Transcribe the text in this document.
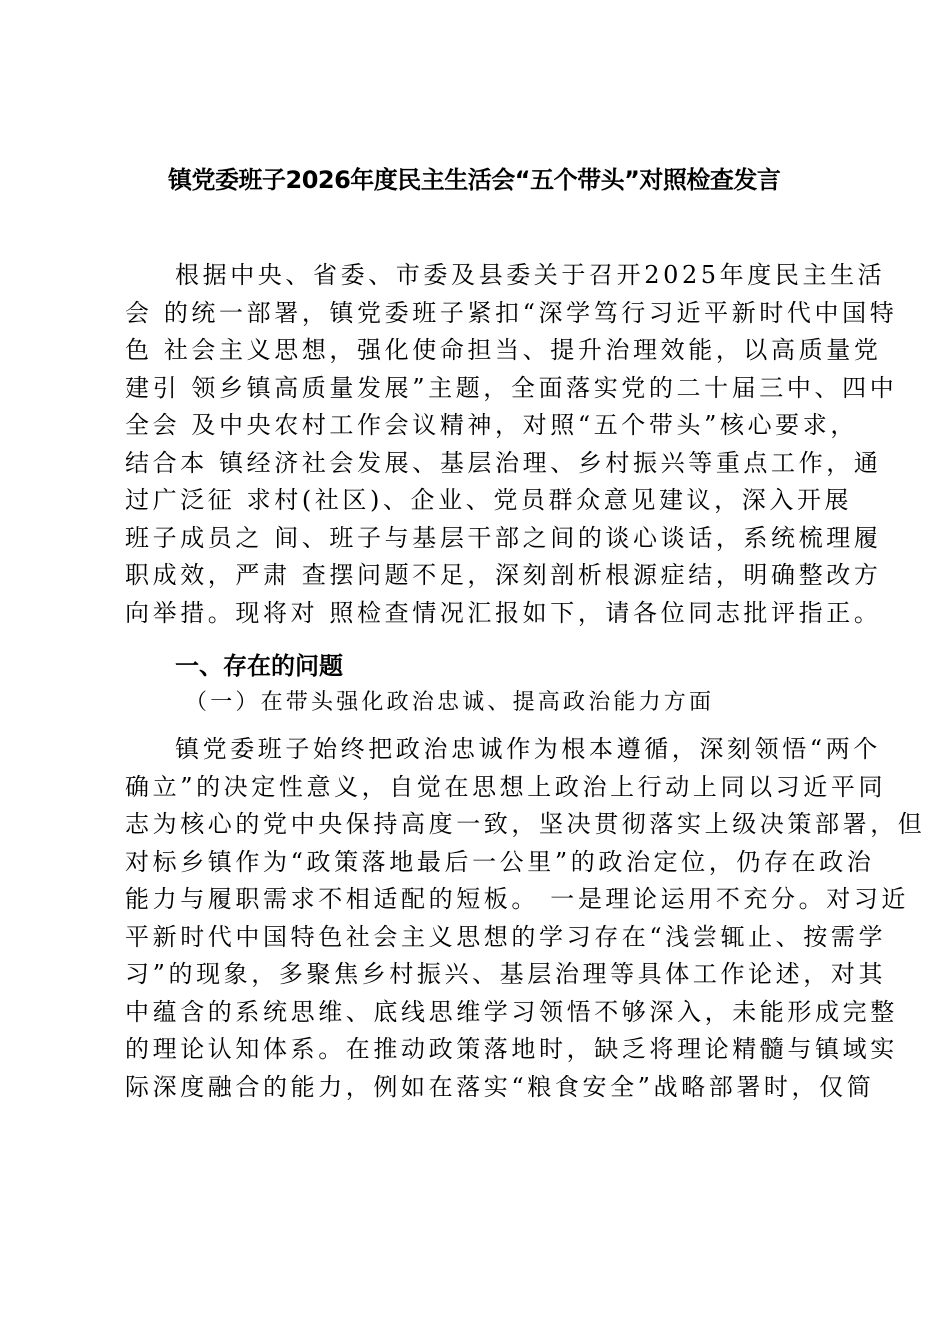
镇党委班子2026年度民主生活会“五个带头”对照检查发言
根据中央、省委、市委及县委关于召开2025年度民主生活
会 的统一部署，镇党委班子紧扣“深学笃行习近平新时代中国特
色 社会主义思想，强化使命担当、提升治理效能，以高质量党
建引 领乡镇高质量发展”主题，全面落实党的二十届三中、四中
全会 及中央农村工作会议精神，对照“五个带头”核心要求，
结合本 镇经济社会发展、基层治理、乡村振兴等重点工作，通
过广泛征 求村(社区)、企业、党员群众意见建议，深入开展
班子成员之 间、班子与基层干部之间的谈心谈话，系统梳理履
职成效，严肃 查摆问题不足，深刻剖析根源症结，明确整改方
向举措。现将对 照检查情况汇报如下，请各位同志批评指正。
一、存在的问题
（一）在带头强化政治忠诚、提高政治能力方面
镇党委班子始终把政治忠诚作为根本遵循，深刻领悟“两个
确立”的决定性意义，自觉在思想上政治上行动上同以习近平同
志为核心的党中央保持高度一致，坚决贯彻落实上级决策部署，但
对标乡镇作为“政策落地最后一公里”的政治定位，仍存在政治
能力与履职需求不相适配的短板。 一是理论运用不充分。对习近
平新时代中国特色社会主义思想的学习存在“浅尝辄止、按需学
习”的现象，多聚焦乡村振兴、基层治理等具体工作论述，对其
中蕴含的系统思维、底线思维学习领悟不够深入，未能形成完整
的理论认知体系。在推动政策落地时，缺乏将理论精髓与镇域实
际深度融合的能力，例如在落实“粮食安全”战略部署时，仅简
